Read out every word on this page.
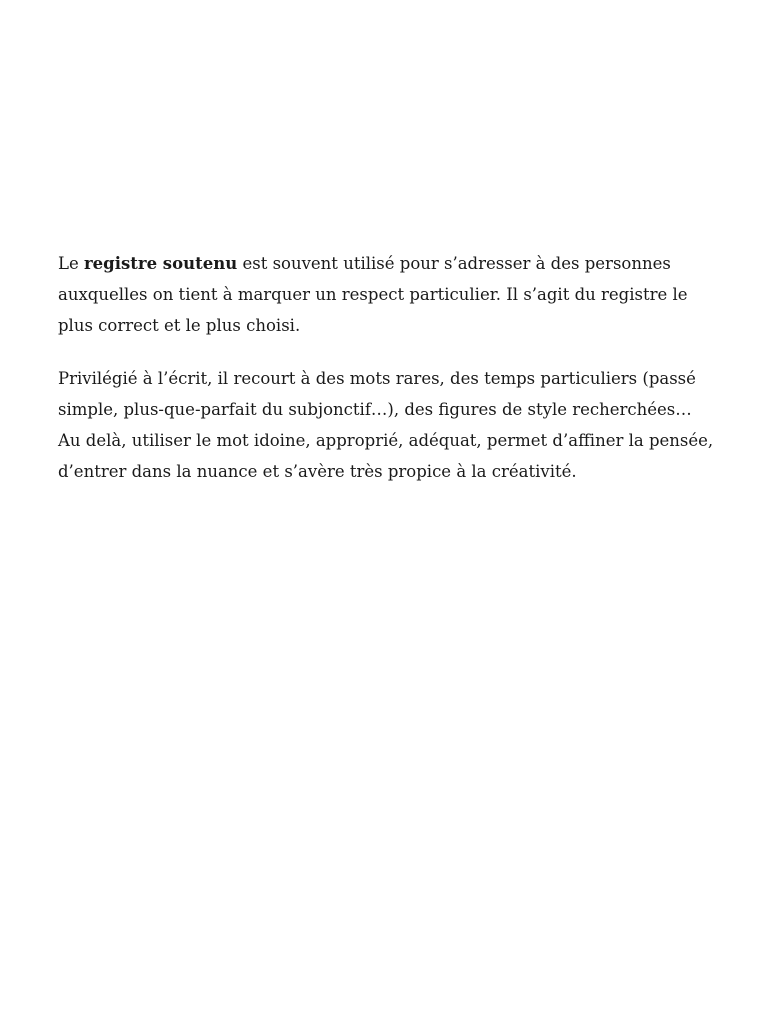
Le registre soutenu est souvent utilisé pour s’adresser à des personnes auxquelles on tient à marquer un respect particulier. Il s’agit du registre le plus correct et le plus choisi.

Privilégié à l’écrit, il recourt à des mots rares, des temps particuliers (passé simple, plus-que-parfait du subjonctif…), des figures de style recherchées… Au delà, utiliser le mot idoine, approprié, adéquat, permet d’affiner la pensée, d’entrer dans la nuance et s’avère très propice à la créativité.
